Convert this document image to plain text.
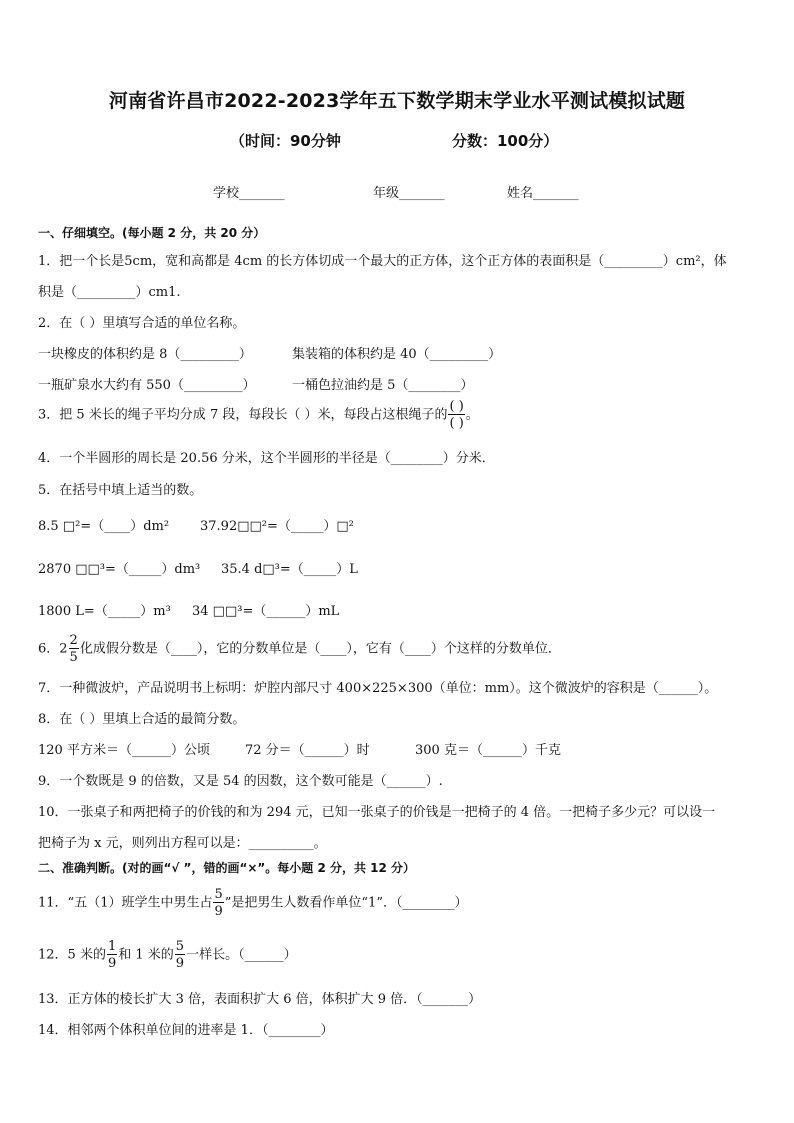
河南省许昌市2022-2023学年五下数学期末学业水平测试模拟试题
（时间：90分钟	分数：100分）
学校_______	年级_______	姓名_______
一、仔细填空。(每小题 2 分，共 20 分）
1．把一个长是5cm，宽和高都是 4cm 的长方体切成一个最大的正方体，这个正方体的表面积是（_________）cm²，体
积是（_________）cm1.
2．在（ ）里填写合适的单位名称。
一块橡皮的体积约是 8（_________）	集装箱的体积约是 40（_________）
一瓶矿泉水大约有 550（_________）	一桶色拉油约是 5（________）
3．把 5 米长的绳子平均分成 7 段，每段长（ ）米，每段占这根绳子的 $\frac{( )}{( )}$ 。
4．一个半圆形的周长是 20.56 分米，这个半圆形的半径是（________）分米．
5．在括号中填上适当的数。
8.5 □²=（____）dm² 37.92□□²=（_____）□²
2870 □□³=（_____）dm³ 35.4 d□³=（_____）L
1800 L=（_____）m³ 34 □□³=（______）mL
6．$2 \frac{2}{5}$ 化成假分数是（____），它的分数单位是（____），它有（____）个这样的分数单位．
7．一种微波炉，产品说明书上标明：炉腔内部尺寸 400×225×300（单位：mm）。这个微波炉的容积是（______）。
8．在（ ）里填上合适的最简分数。
120 平方米＝（______）公顷	72 分＝（______）时	300 克＝（______）千克
9．一个数既是 9 的倍数，又是 54 的因数，这个数可能是（______）.
10．一张桌子和两把椅子的价钱的和为 294 元，已知一张桌子的价钱是一把椅子的 4 倍。一把椅子多少元？可以设一
把椅子为 x 元，则列出方程可以是：__________。
二、准确判断。(对的画“√ ”，错的画“×”。每小题 2 分，共 12 分）
11．“五（1）班学生中男生占 $\frac{5}{9}$ ”是把男生人数看作单位“1”．（________）
12．5 米的 $\frac{1}{9}$ 和 1 米的 $\frac{5}{9}$ 一样长。（______）
13．正方体的棱长扩大 3 倍，表面积扩大 6 倍，体积扩大 9 倍．（_______）
14．相邻两个体积单位间的进率是 1．（________）
